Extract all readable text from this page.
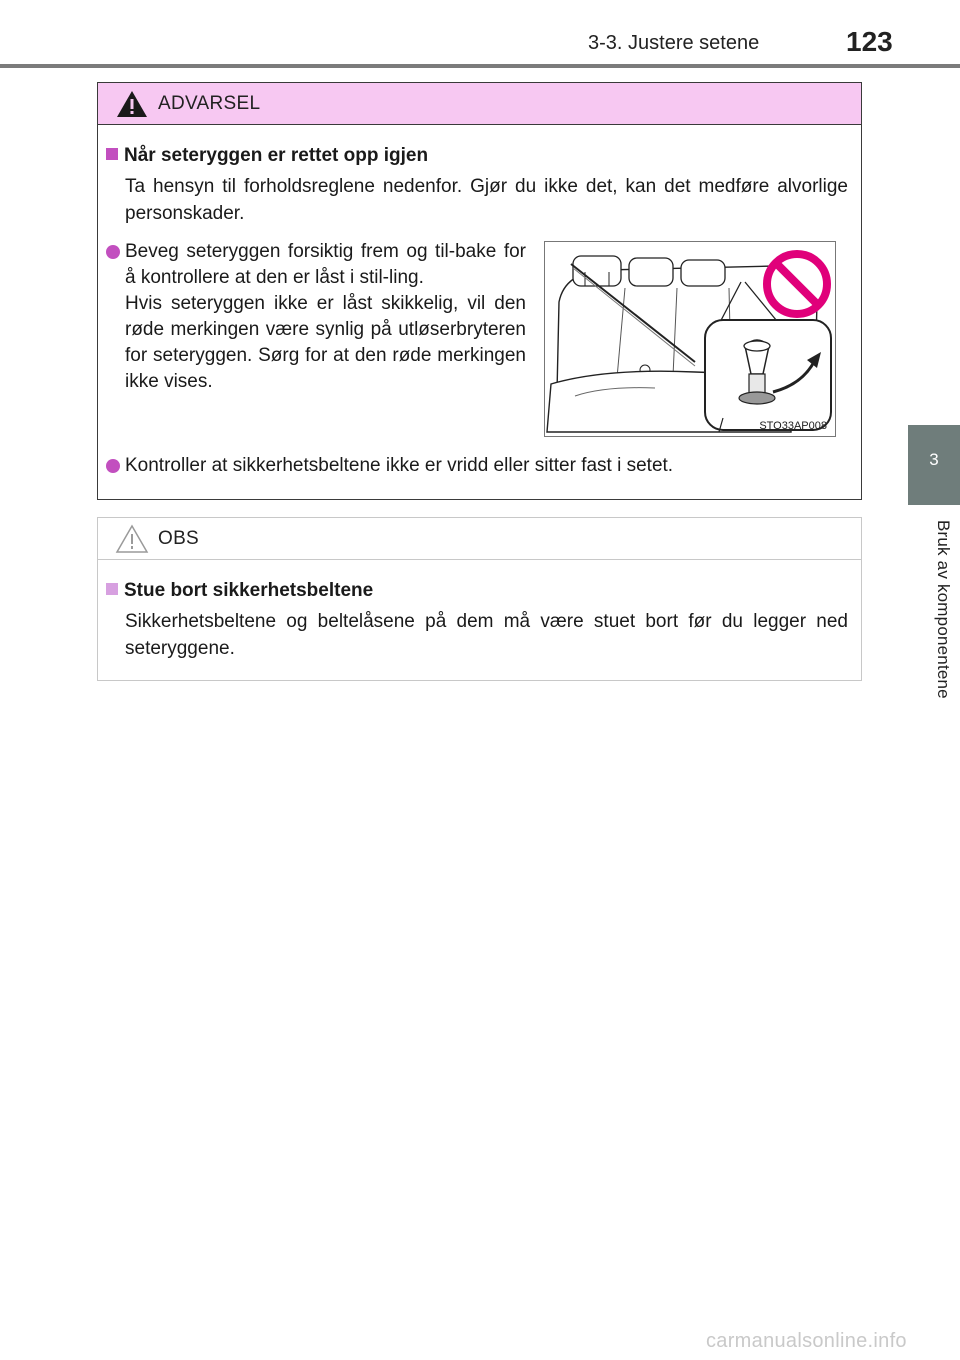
3-3. Justere setene	123
3
Bruk av komponentene
ADVARSEL
Når seteryggen er rettet opp igjen
Ta hensyn til forholdsreglene nedenfor. Gjør du ikke det, kan det medføre alvorlige personskader.
Beveg seteryggen forsiktig frem og til-bake for å kontrollere at den er låst i stil-ling.
Hvis seteryggen ikke er låst skikkelig, vil den røde merkingen være synlig på utløserbryteren for seteryggen. Sørg for at den røde merkingen ikke vises.
STO33AP008
Kontroller at sikkerhetsbeltene ikke er vridd eller sitter fast i setet.
OBS
Stue bort sikkerhetsbeltene
Sikkerhetsbeltene og beltelåsene på dem må være stuet bort før du legger ned seteryggene.
carmanualsonline.info
